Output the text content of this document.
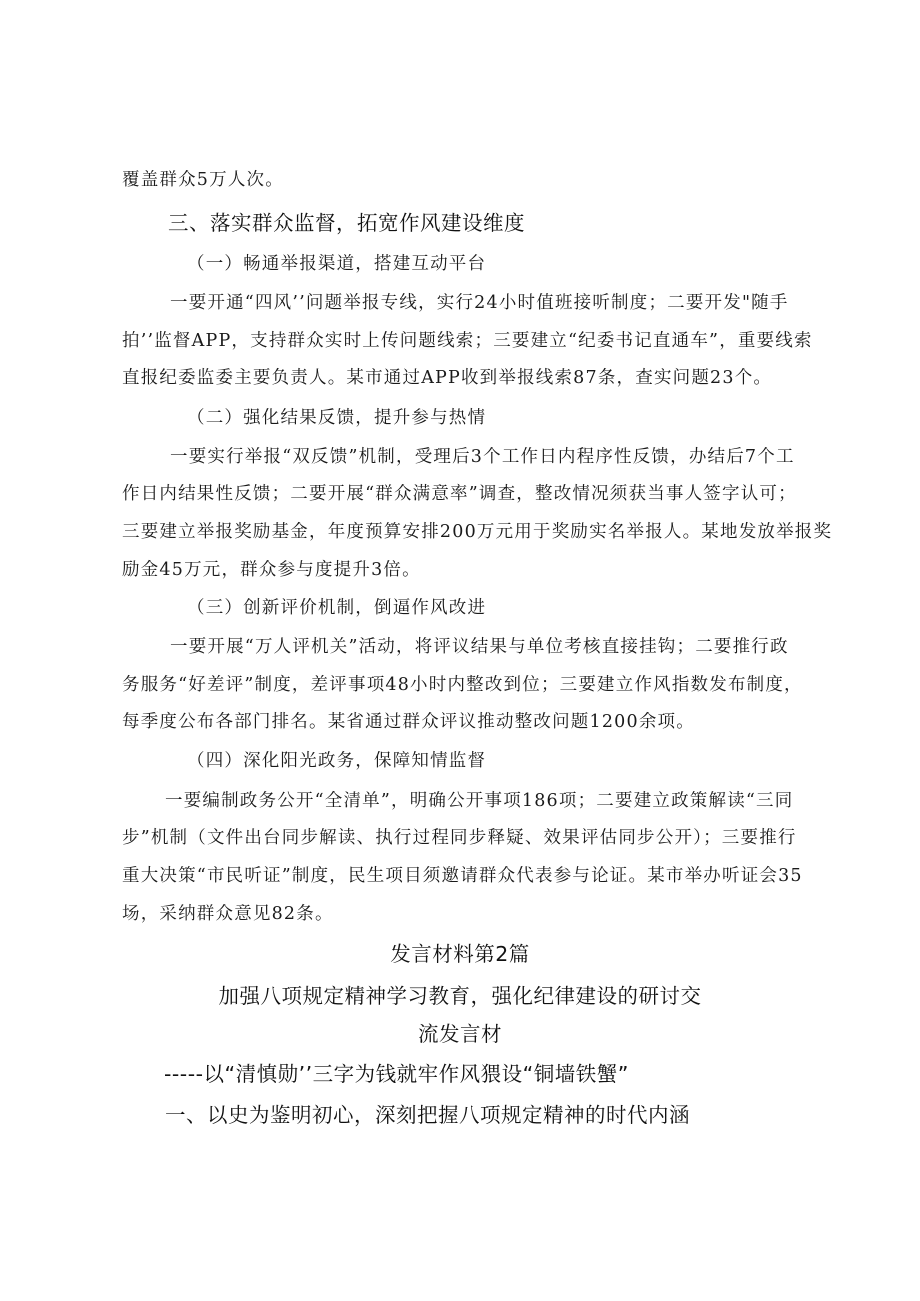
覆盖群众5万人次。
三、落实群众监督，拓宽作风建设维度
（一）畅通举报渠道，搭建互动平台
一要开通“四风’’问题举报专线，实行24小时值班接听制度；二要开发"随手
拍’’监督APP，支持群众实时上传问题线索；三要建立“纪委书记直通车”，重要线索
直报纪委监委主要负责人。某市通过APP收到举报线索87条，查实问题23个。
（二）强化结果反馈，提升参与热情
一要实行举报“双反馈”机制，受理后3个工作日内程序性反馈，办结后7个工
作日内结果性反馈；二要开展“群众满意率”调查，整改情况须获当事人签字认可；
三要建立举报奖励基金，年度预算安排200万元用于奖励实名举报人。某地发放举报奖
励金45万元，群众参与度提升3倍。
（三）创新评价机制，倒逼作风改进
一要开展“万人评机关”活动，将评议结果与单位考核直接挂钩；二要推行政
务服务“好差评”制度，差评事项48小时内整改到位；三要建立作风指数发布制度，
每季度公布各部门排名。某省通过群众评议推动整改问题1200余项。
（四）深化阳光政务，保障知情监督
一要编制政务公开“全清单”，明确公开事项186项；二要建立政策解读“三同
步”机制（文件出台同步解读、执行过程同步释疑、效果评估同步公开）；三要推行
重大决策“市民听证”制度，民生项目须邀请群众代表参与论证。某市举办听证会35
场，采纳群众意见82条。
发言材料第2篇
加强八项规定精神学习教育，强化纪律建设的研讨交
流发言材
-----以“清慎勋’’三字为钱就牢作风猥设“铜墙铁蟹”
一、以史为鉴明初心，深刻把握八项规定精神的时代内涵
